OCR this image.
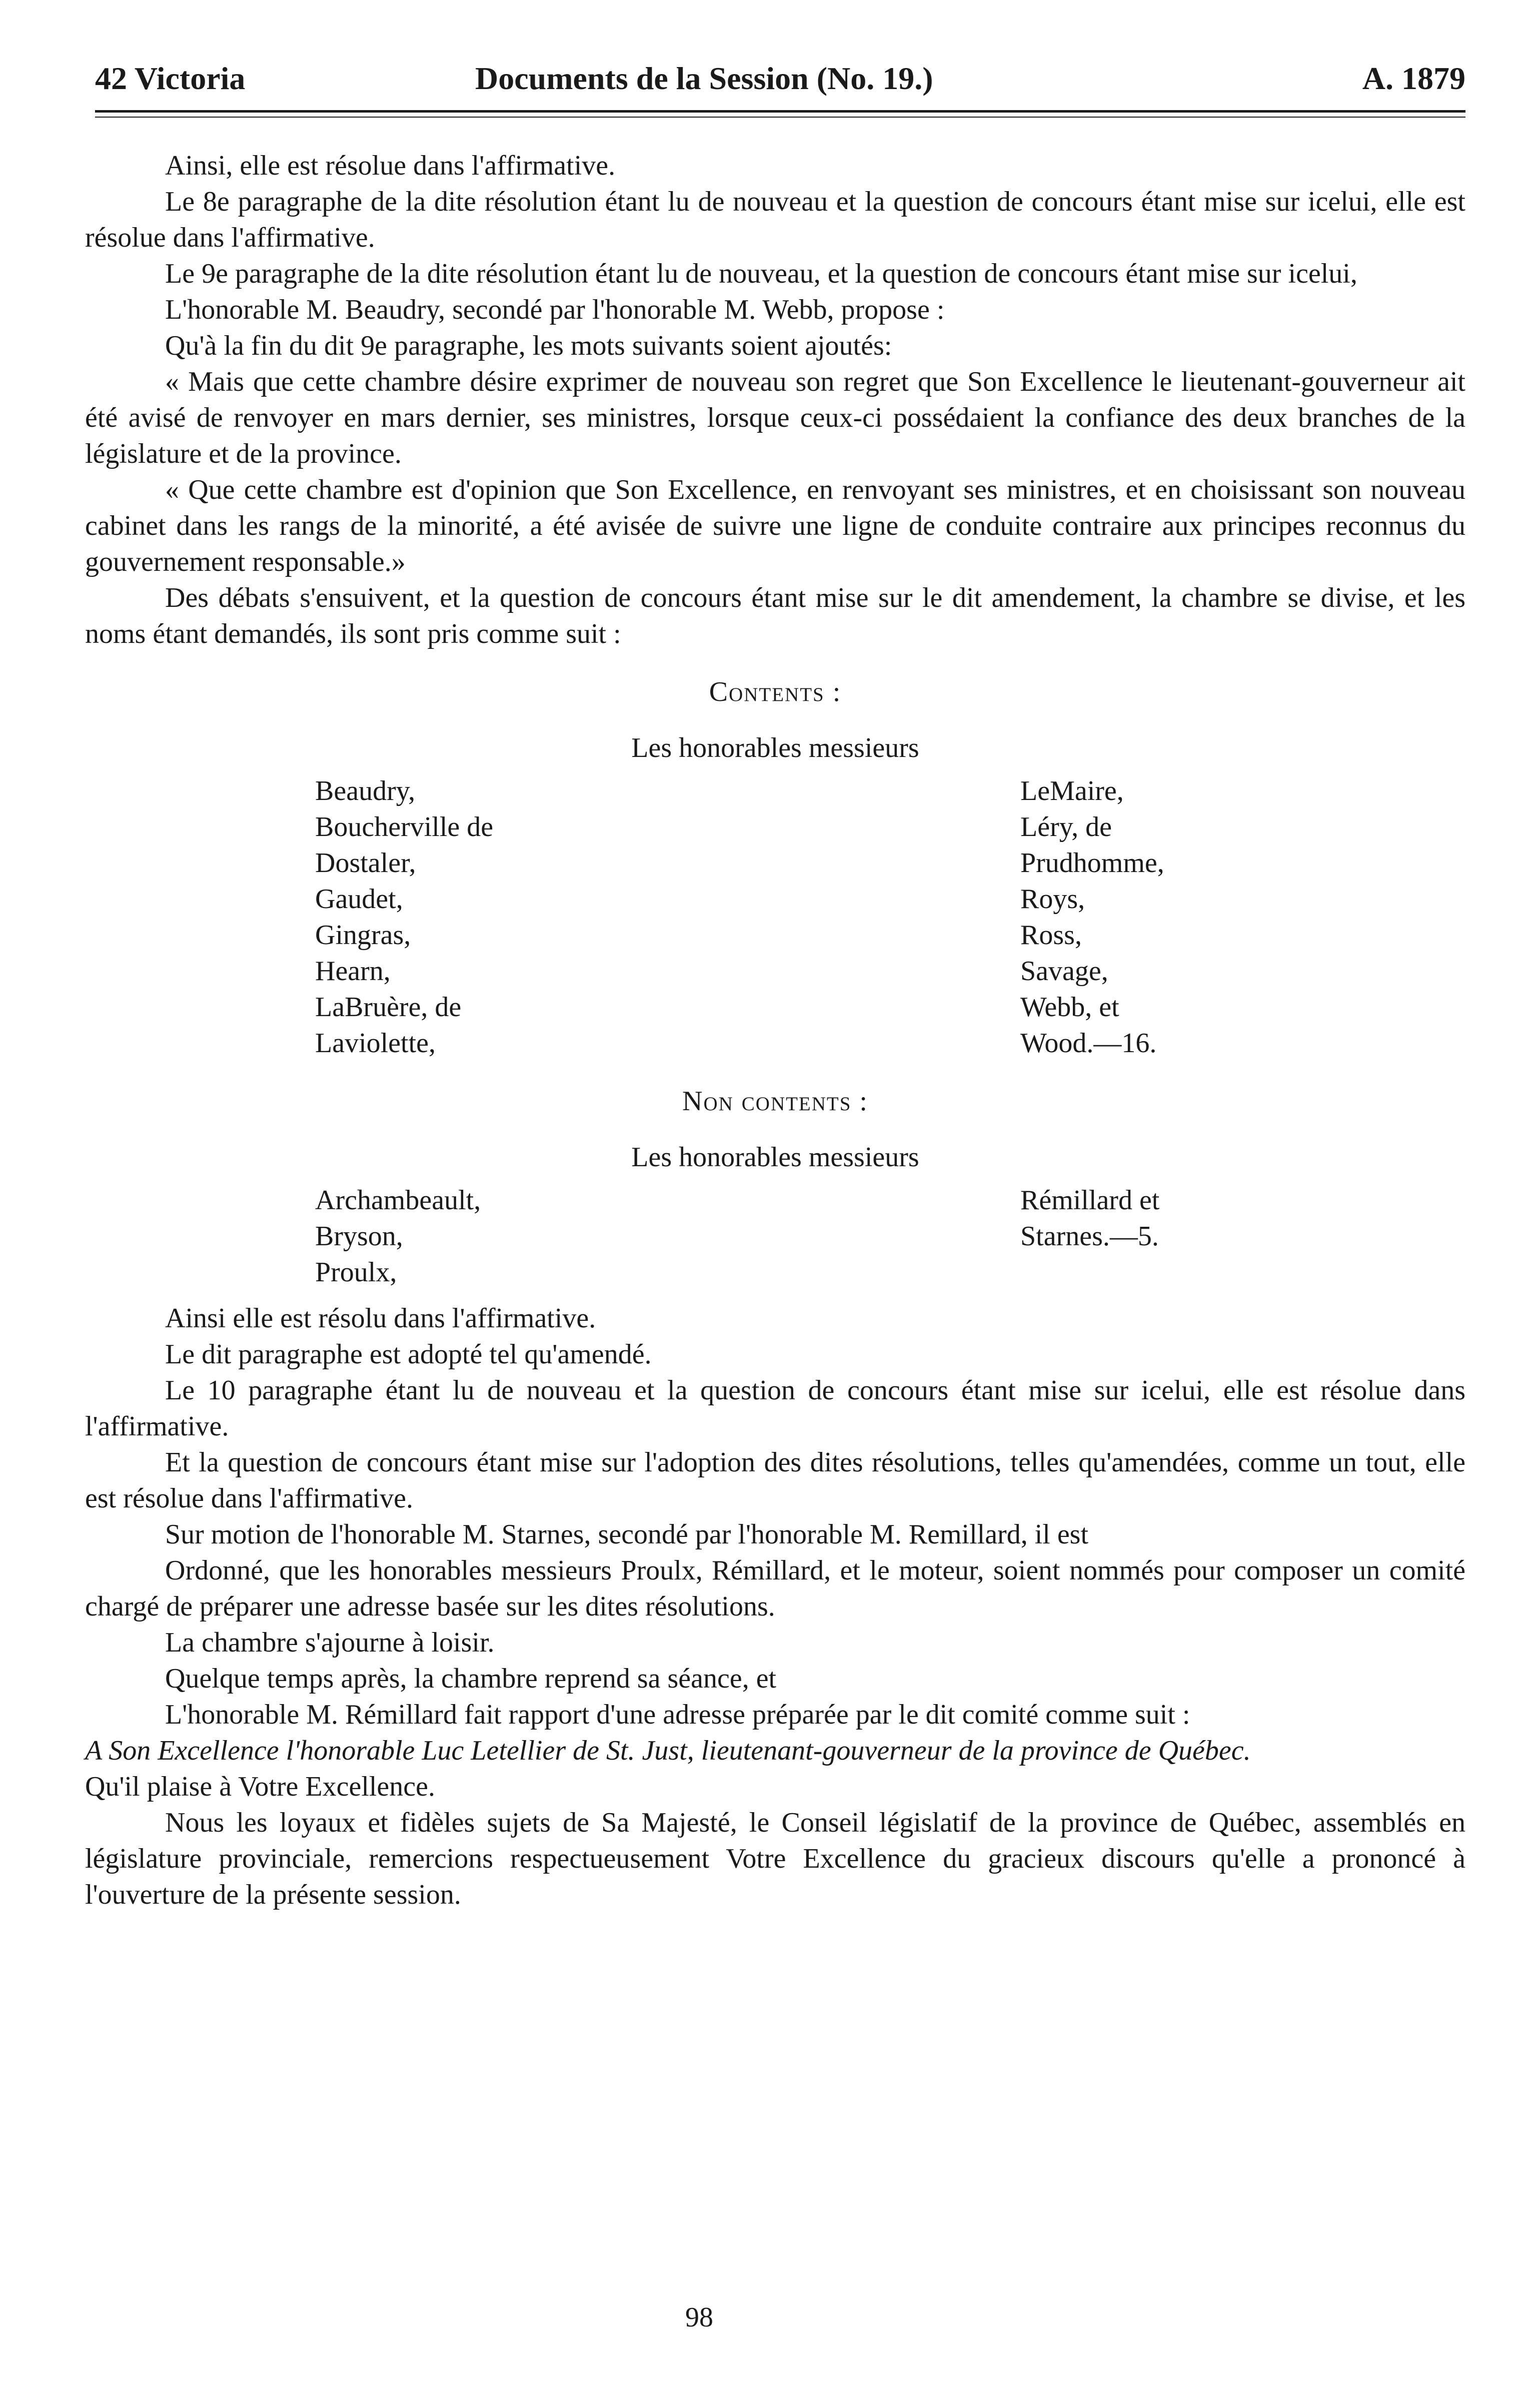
42 Victoria	Documents de la Session (No. 19.)	A. 1879

Ainsi, elle est résolue dans l'affirmative.

Le 8e paragraphe de la dite résolution étant lu de nouveau et la question de concours étant mise sur icelui, elle est résolue dans l'affirmative.

Le 9e paragraphe de la dite résolution étant lu de nouveau, et la question de concours étant mise sur icelui,

L'honorable M. Beaudry, secondé par l'honorable M. Webb, propose :

Qu'à la fin du dit 9e paragraphe, les mots suivants soient ajoutés:

« Mais que cette chambre désire exprimer de nouveau son regret que Son Excellence le lieutenant-gouverneur ait été avisé de renvoyer en mars dernier, ses ministres, lorsque ceux-ci possédaient la confiance des deux branches de la législature et de la province.

« Que cette chambre est d'opinion que Son Excellence, en renvoyant ses ministres, et en choisissant son nouveau cabinet dans les rangs de la minorité, a été avisée de suivre une ligne de conduite contraire aux principes reconnus du gouvernement responsable.»

Des débats s'ensuivent, et la question de concours étant mise sur le dit amendement, la chambre se divise, et les noms étant demandés, ils sont pris comme suit :

Contents :
Les honorables messieurs
Beaudry,
Boucherville de
Dostaler,
Gaudet,
Gingras,
Hearn,
LaBruère, de
Laviolette,
LeMaire,
Léry, de
Prudhomme,
Roys,
Ross,
Savage,
Webb, et
Wood.—16.
Non contents :
Les honorables messieurs
Archambeault,
Bryson,
Proulx,
Rémillard et
Starnes.—5.

Ainsi elle est résolu dans l'affirmative.

Le dit paragraphe est adopté tel qu'amendé.

Le 10 paragraphe étant lu de nouveau et la question de concours étant mise sur icelui, elle est résolue dans l'affirmative.

Et la question de concours étant mise sur l'adoption des dites résolutions, telles qu'amendées, comme un tout, elle est résolue dans l'affirmative.

Sur motion de l'honorable M. Starnes, secondé par l'honorable M. Remillard, il est

Ordonné, que les honorables messieurs Proulx, Rémillard, et le moteur, soient nommés pour composer un comité chargé de préparer une adresse basée sur les dites résolutions.

La chambre s'ajourne à loisir.

Quelque temps après, la chambre reprend sa séance, et

L'honorable M. Rémillard fait rapport d'une adresse préparée par le dit comité comme suit :

A Son Excellence l'honorable Luc Letellier de St. Just, lieutenant-gouverneur de la province de Québec.

Qu'il plaise à Votre Excellence.

Nous les loyaux et fidèles sujets de Sa Majesté, le Conseil législatif de la province de Québec, assemblés en législature provinciale, remercions respectueusement Votre Excellence du gracieux discours qu'elle a prononcé à l'ouverture de la présente session.

98
